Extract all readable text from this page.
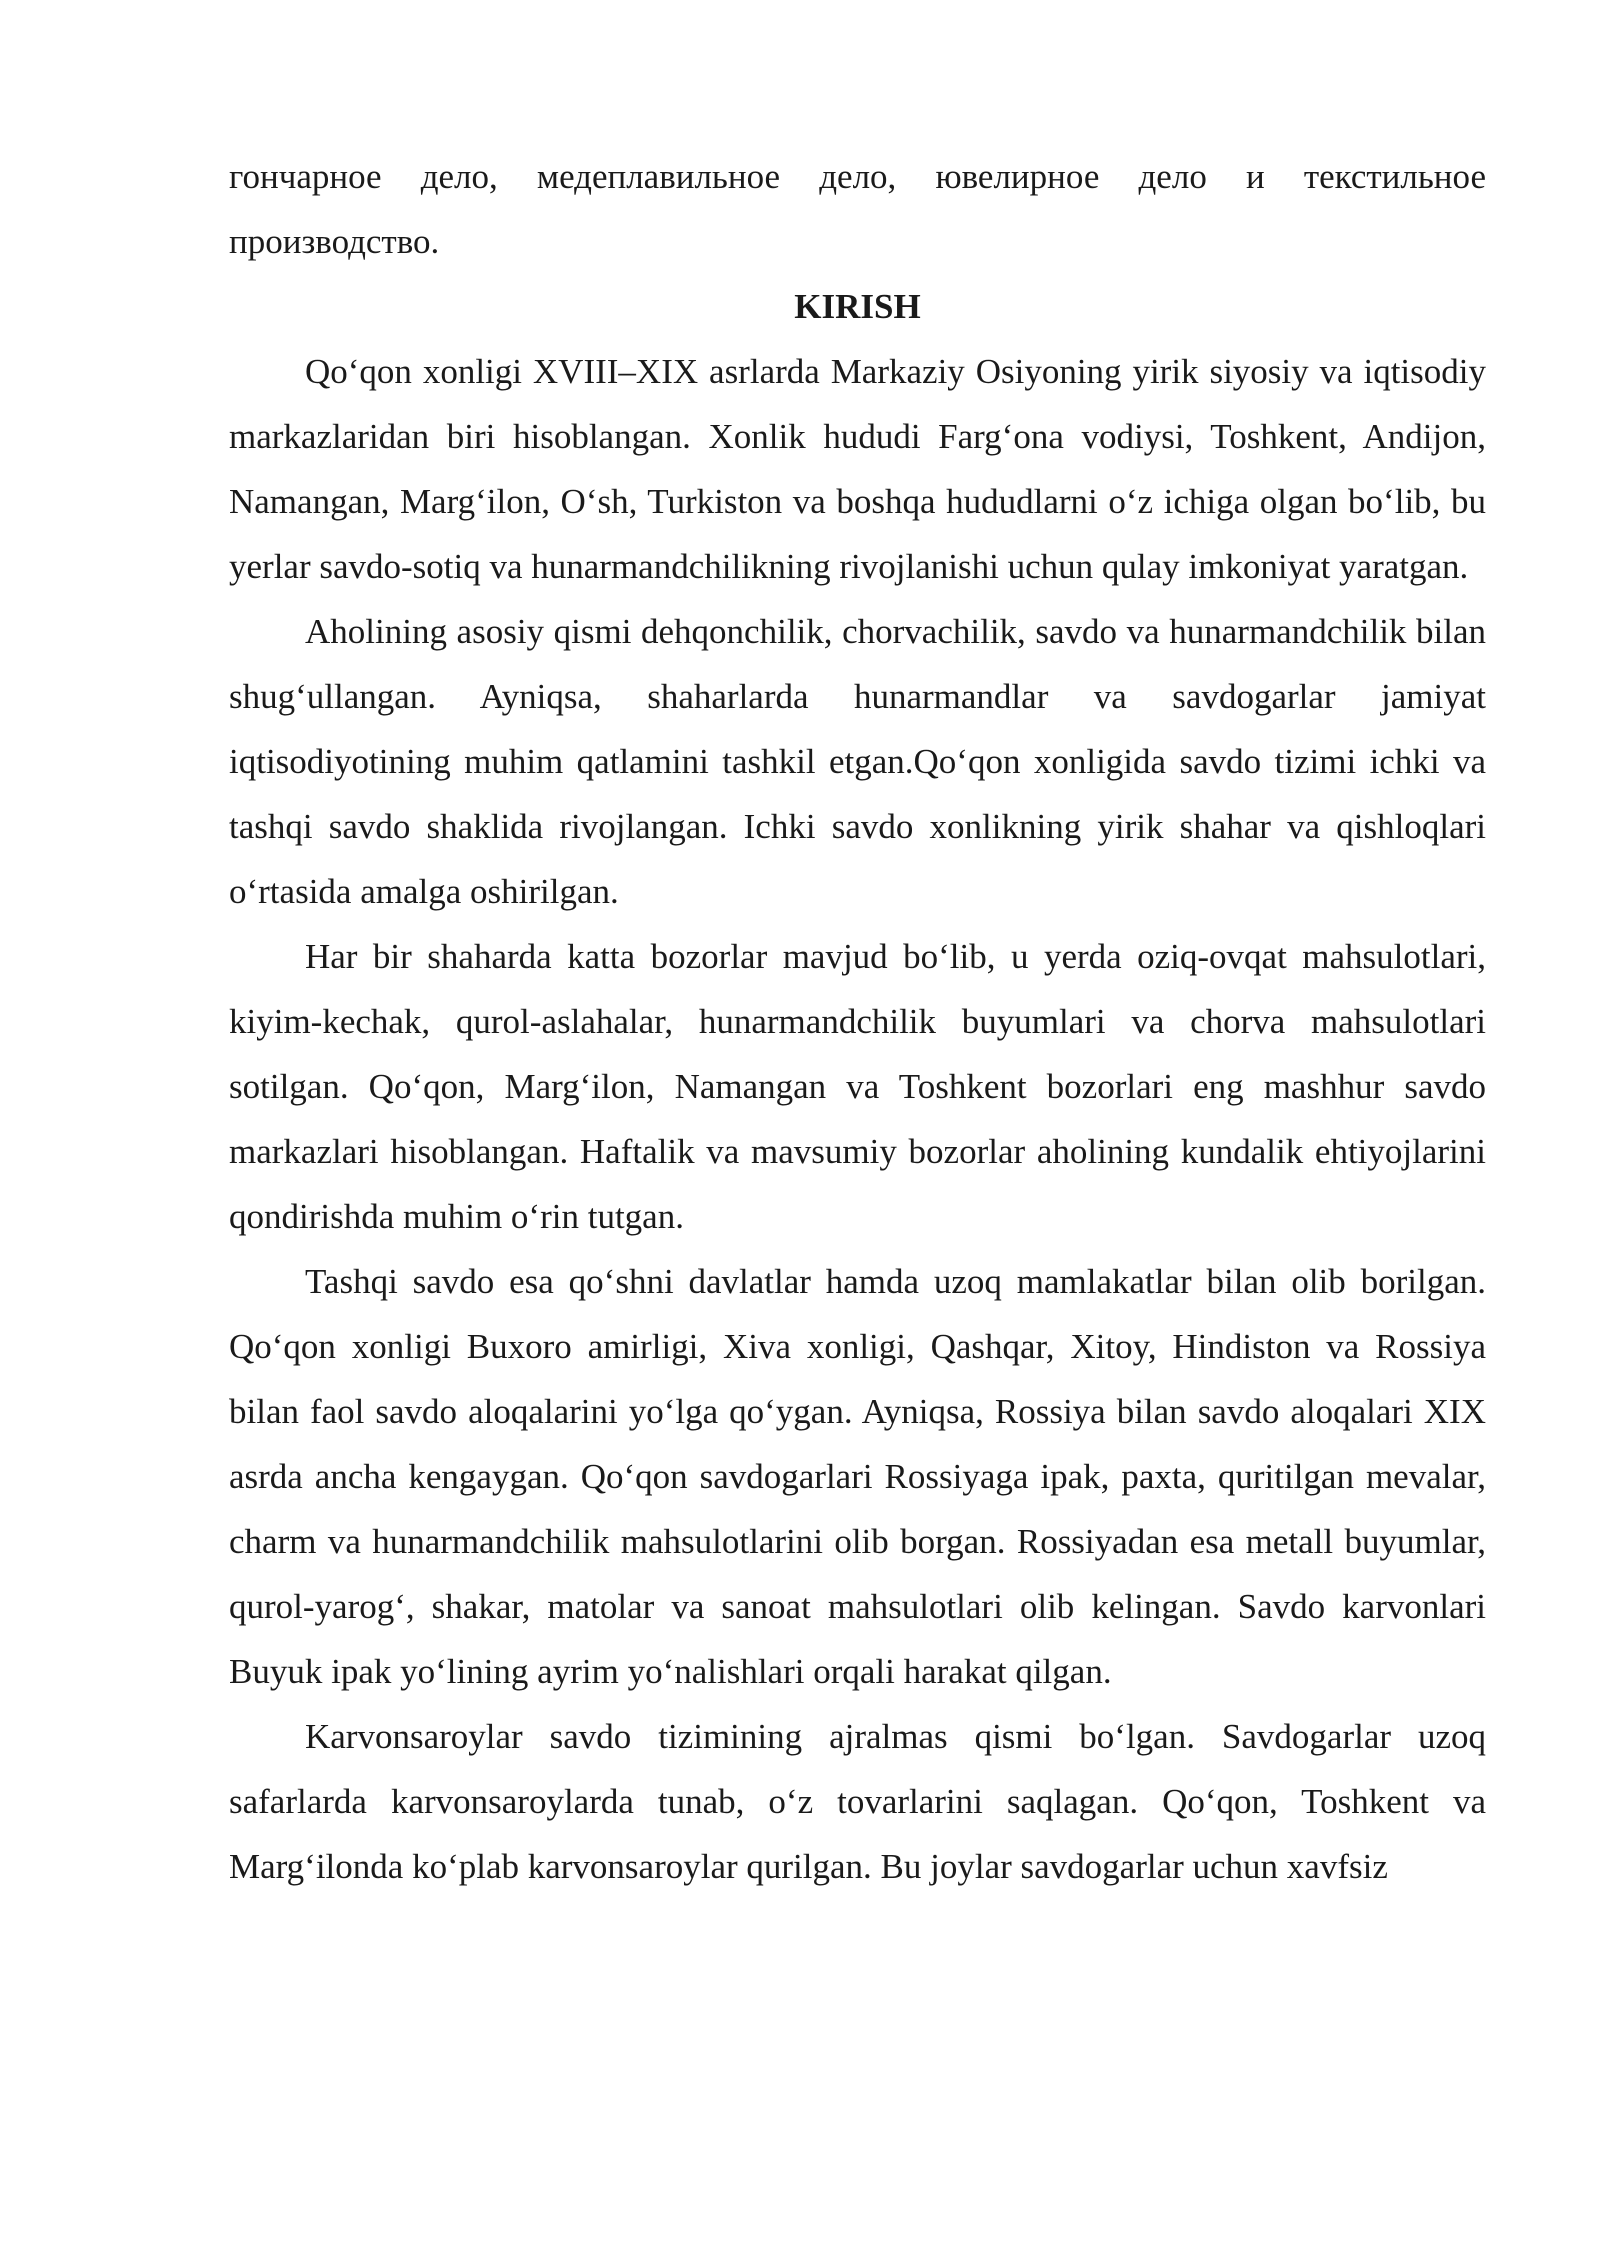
гончарное дело, медеплавильное дело, ювелирное дело и текстильное производство.

KIRISH

Qo‘qon xonligi XVIII–XIX asrlarda Markaziy Osiyoning yirik siyosiy va iqtisodiy markazlaridan biri hisoblangan. Xonlik hududi Farg‘ona vodiysi, Toshkent, Andijon, Namangan, Marg‘ilon, O‘sh, Turkiston va boshqa hududlarni o‘z ichiga olgan bo‘lib, bu yerlar savdo-sotiq va hunarmandchilikning rivojlanishi uchun qulay imkoniyat yaratgan.

Aholining asosiy qismi dehqonchilik, chorvachilik, savdo va hunarmandchilik bilan shug‘ullangan. Ayniqsa, shaharlarda hunarmandlar va savdogarlar jamiyat iqtisodiyotining muhim qatlamini tashkil etgan.Qo‘qon xonligida savdo tizimi ichki va tashqi savdo shaklida rivojlangan. Ichki savdo xonlikning yirik shahar va qishloqlari o‘rtasida amalga oshirilgan.

Har bir shaharda katta bozorlar mavjud bo‘lib, u yerda oziq-ovqat mahsulotlari, kiyim-kechak, qurol-aslahalar, hunarmandchilik buyumlari va chorva mahsulotlari sotilgan. Qo‘qon, Marg‘ilon, Namangan va Toshkent bozorlari eng mashhur savdo markazlari hisoblangan. Haftalik va mavsumiy bozorlar aholining kundalik ehtiyojlarini qondirishda muhim o‘rin tutgan.

Tashqi savdo esa qo‘shni davlatlar hamda uzoq mamlakatlar bilan olib borilgan. Qo‘qon xonligi Buxoro amirligi, Xiva xonligi, Qashqar, Xitoy, Hindiston va Rossiya bilan faol savdo aloqalarini yo‘lga qo‘ygan. Ayniqsa, Rossiya bilan savdo aloqalari XIX asrda ancha kengaygan. Qo‘qon savdogarlari Rossiyaga ipak, paxta, quritilgan mevalar, charm va hunarmandchilik mahsulotlarini olib borgan. Rossiyadan esa metall buyumlar, qurol-yarog‘, shakar, matolar va sanoat mahsulotlari olib kelingan. Savdo karvonlari Buyuk ipak yo‘lining ayrim yo‘nalishlari orqali harakat qilgan.

Karvonsaroylar savdo tizimining ajralmas qismi bo‘lgan. Savdogarlar uzoq safarlarda karvonsaroylarda tunab, o‘z tovarlarini saqlagan. Qo‘qon, Toshkent va Marg‘ilonda ko‘plab karvonsaroylar qurilgan. Bu joylar savdogarlar uchun xavfsiz
